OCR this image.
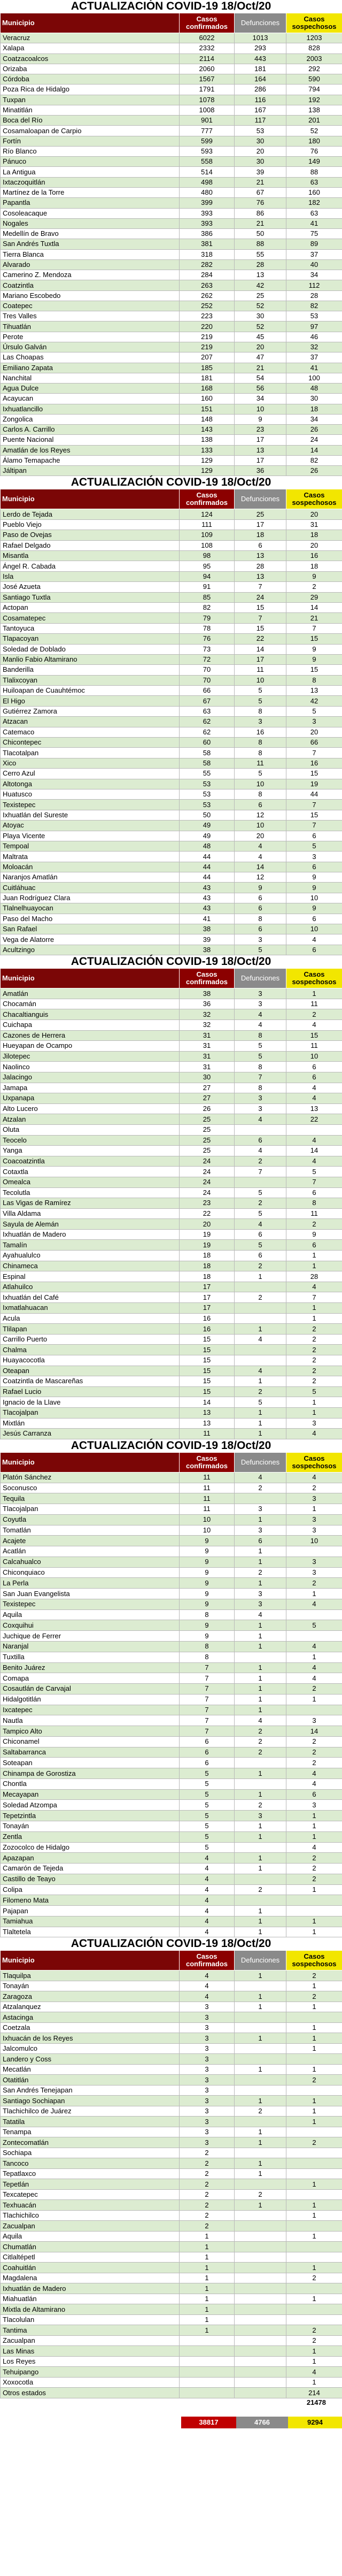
ACTUALIZACIÓN COVID-19 18/Oct/20
Municipio	Casos confirmados	Defunciones	Casos sospechosos
Veracruz	6022	1013	1203
Xalapa	2332	293	828
Coatzacoalcos	2114	443	2003
Orizaba	2060	181	292
Córdoba	1567	164	590
Poza Rica de Hidalgo	1791	286	794
Tuxpan	1078	116	192
Minatitlán	1008	167	138
Boca del Río	901	117	201
Cosamaloapan de Carpio	777	53	52
Fortín	599	30	180
Río Blanco	593	20	76
Pánuco	558	30	149
La Antigua	514	39	88
Ixtaczoquitlán	498	21	63
Martínez de la Torre	480	67	160
Papantla	399	76	182
Cosoleacaque	393	86	63
Nogales	393	21	41
Medellín de Bravo	386	50	75
San Andrés Tuxtla	381	88	89
Tierra Blanca	318	55	37
Alvarado	282	28	40
Camerino Z. Mendoza	284	13	34
Coatzintla	263	42	112
Mariano Escobedo	262	25	28
Coatepec	252	52	82
Tres Valles	223	30	53
Tihuatlán	220	52	97
Perote	219	45	46
Úrsulo Galván	219	20	32
Las Choapas	207	47	37
Emiliano Zapata	185	21	41
Nanchital	181	54	100
Agua Dulce	168	56	48
Acayucan	160	34	30
Ixhuatlancillo	151	10	18
Zongolica	148	9	34
Carlos A. Carrillo	143	23	26
Puente Nacional	138	17	24
Amatlán de los Reyes	133	13	14
Álamo Temapache	129	17	82
Jáltipan	129	36	26
ACTUALIZACIÓN COVID-19 18/Oct/20
Municipio	Casos confirmados	Defunciones	Casos sospechosos
Lerdo de Tejada	124	25	20
Pueblo Viejo	111	17	31
Paso de Ovejas	109	18	18
Rafael Delgado	108	6	20
Misantla	98	13	16
Ángel R. Cabada	95	28	18
Isla	94	13	9
José Azueta	91	7	2
Santiago Tuxtla	85	24	29
Actopan	82	15	14
Cosamatepec	79	7	21
Tantoyuca	78	15	7
Tlapacoyan	76	22	15
Soledad de Doblado	73	14	9
Manlio Fabio Altamirano	72	17	9
Banderilla	70	11	15
Tlalixcoyan	70	10	8
Huiloapan de Cuauhtémoc	66	5	13
El Higo	67	5	42
Gutiérrez Zamora	63	8	5
Atzacan	62	3	3
Catemaco	62	16	20
Chicontepec	60	8	66
Tlacotalpan	58	8	7
Xico	58	11	16
Cerro Azul	55	5	15
Altotonga	53	10	19
Huatusco	53	8	44
Texistepec	53	6	7
Ixhuatlán del Sureste	50	12	15
Atoyac	49	10	7
Playa Vicente	49	20	6
Tempoal	48	4	5
Maltrata	44	4	3
Moloacán	44	14	6
Naranjos Amatlán	44	12	9
Cuitláhuac	43	9	9
Juan Rodríguez Clara	43	6	10
Tlalnelhuayocan	43	6	9
Paso del Macho	41	8	6
San Rafael	38	6	10
Vega de Alatorre	39	3	4
Acultzingo	38	5	6
ACTUALIZACIÓN COVID-19 18/Oct/20
Municipio	Casos confirmados	Defunciones	Casos sospechosos
Amatlán	38	3	1
Chocamán	36	3	11
Chacaltianguis	32	4	2
Cuichapa	32	4	4
Cazones de Herrera	31	8	15
Hueyapan de Ocampo	31	5	11
Jilotepec	31	5	10
Naolinco	31	8	6
Jalacingo	30	7	6
Jamapa	27	8	4
Uxpanapa	27	3	4
Alto Lucero	26	3	13
Atzalan	25	4	22
Oluta	25		
Teocelo	25	6	4
Yanga	25	4	14
Coacoatzintla	24	2	4
Cotaxtla	24	7	5
Omealca	24		7
Tecolutla	24	5	6
Las Vigas de Ramírez	23	2	8
Villa Aldama	22	5	11
Sayula de Alemán	20	4	2
Ixhuatlán de Madero	19	6	9
Tamalín	19	5	6
Ayahualulco	18	6	1
Chinameca	18	2	1
Espinal	18	1	28
Atlahuilco	17		4
Ixhuatlán del Café	17	2	7
Ixmatlahuacan	17		1
Acula	16		1
Tlilapan	16	1	2
Carrillo Puerto	15	4	2
Chalma	15		2
Huayacocotla	15		2
Oteapan	15	4	2
Coatzintla de Mascareñas	15	1	2
Rafael Lucio	15	2	5
Ignacio de la Llave	14	5	1
Tlacojalpan	13	1	1
Mixtlán	13	1	3
Jesús Carranza	11	1	4
ACTUALIZACIÓN COVID-19 18/Oct/20
Municipio	Casos confirmados	Defunciones	Casos sospechosos
Platón Sánchez	11	4	4
Soconusco	11	2	2
Tequila	11		3
Tlacojalpan	11	3	1
Coyutla	10	1	3
Tomatlán	10	3	3
Acajete	9	6	10
Acatlán	9	1	
Calcahualco	9	1	3
Chiconquiaco	9	2	3
La Perla	9	1	2
San Juan Evangelista	9	3	1
Texistepec	9	3	4
Aquila	8	4	
Coxquihui	9	1	5
Juchique de Ferrer	9	1	
Naranjal	8	1	4
Tuxtilla	8		1
Benito Juárez	7	1	4
Comapa	7	1	4
Cosautlán de Carvajal	7	1	2
Hidalgotitlán	7	1	1
Ixcatepec	7	1	
Nautla	7	4	3
Tampico Alto	7	2	14
Chiconamel	6	2	2
Saltabarranca	6	2	2
Soteapan	6		2
Chinampa de Gorostiza	5	1	4
Chontla	5		4
Mecayapan	5	1	6
Soledad Atzompa	5	2	3
Tepetzintla	5	3	1
Tonayán	5	1	1
Zentla	5	1	1
Zozocolco de Hidalgo	5		4
Apazapan	4	1	2
Camarón de Tejeda	4	1	2
Castillo de Teayo	4		2
Colipa	4	2	1
Filomeno Mata	4		
Pajapan	4	1	
Tamiahua	4	1	1
Tlaltetela	4	1	1
ACTUALIZACIÓN COVID-19 18/Oct/20
Municipio	Casos confirmados	Defunciones	Casos sospechosos
Tlaquilpa	4	1	2
Tonayán	4		1
Zaragoza	4	1	2
Atzalanquez	3	1	1
Astacinga	3		
Coetzala	3		1
Ixhuacán de los Reyes	3	1	1
Jalcomulco	3		1
Landero y Coss	3		
Mecatlán	3	1	1
Otatitlán	3		2
San Andrés Tenejapan	3		
Santiago Sochiapan	3	1	1
Tlachichilco de Juárez	3	2	1
Tatatila	3		1
Tenampa	3	1	
Zontecomatlán	3	1	2
Sochiapa	2		
Tancoco	2	1	
Tepatlaxco	2	1	
Tepetlán	2		1
Texcatepec	2	2	
Texhuacán	2	1	1
Tlachichilco	2		1
Zacualpan	2		
Aquila	1		1
Chumatlán	1		
Citlaltépetl	1		
Coahuitlán	1		1
Magdalena	1		2
Ixhuatlán de Madero	1		
Miahuatlán	1		1
Mixtla de Altamirano	1		
Tlacolulan	1		
Tantima	1		2
Zacualpan			2
Las Minas			1
Los Reyes			1
Tehuipango			4
Xoxocotla			1
Otros estados			214
21478
38817	4766	9294
